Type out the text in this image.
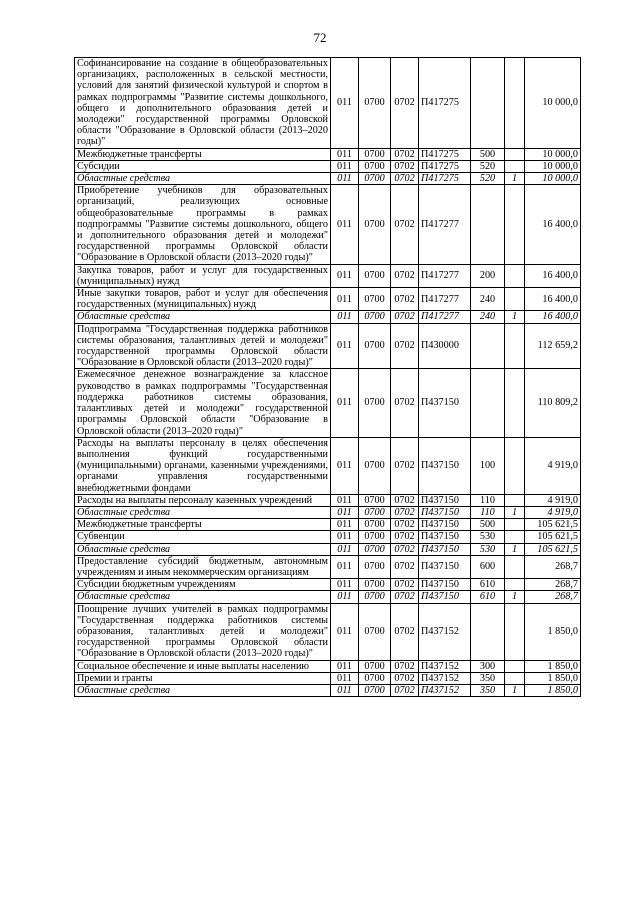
72
Софинансирование на создание в общеобразовательных организациях, расположенных в сельской местности, условий для занятий физической культурой и спортом в рамках подпрограммы "Развитие системы дошкольного, общего и дополнительного образования детей и молодежи" государственной программы Орловской области "Образование в Орловской области (2013–2020 годы)"	011	0700	0702	П417275			10 000,0
Межбюджетные трансферты	011	0700	0702	П417275	500		10 000,0
Субсидии	011	0700	0702	П417275	520		10 000,0
Областные средства	011	0700	0702	П417275	520	1	10 000,0
Приобретение учебников для образовательных организаций, реализующих основные общеобразовательные программы в рамках подпрограммы "Развитие системы дошкольного, общего и дополнительного образования детей и молодежи" государственной программы Орловской области "Образование в Орловской области (2013–2020 годы)"	011	0700	0702	П417277			16 400,0
Закупка товаров, работ и услуг для государственных (муниципальных) нужд	011	0700	0702	П417277	200		16 400,0
Иные закупки товаров, работ и услуг для обеспечения государственных (муниципальных) нужд	011	0700	0702	П417277	240		16 400,0
Областные средства	011	0700	0702	П417277	240	1	16 400,0
Подпрограмма "Государственная поддержка работников системы образования, талантливых детей и молодежи" государственной программы Орловской области "Образование в Орловской области (2013–2020 годы)"	011	0700	0702	П430000			112 659,2
Ежемесячное денежное вознаграждение за классное руководство в рамках подпрограммы "Государственная поддержка работников системы образования, талантливых детей и молодежи" государственной программы Орловской области "Образование в Орловской области (2013–2020 годы)"	011	0700	0702	П437150			110 809,2
Расходы на выплаты персоналу в целях обеспечения выполнения функций государственными (муниципальными) органами, казенными учреждениями, органами управления государственными внебюджетными фондами	011	0700	0702	П437150	100		4 919,0
Расходы на выплаты персоналу казенных учреждений	011	0700	0702	П437150	110		4 919,0
Областные средства	011	0700	0702	П437150	110	1	4 919,0
Межбюджетные трансферты	011	0700	0702	П437150	500		105 621,5
Субвенции	011	0700	0702	П437150	530		105 621,5
Областные средства	011	0700	0702	П437150	530	1	105 621,5
Предоставление субсидий бюджетным, автономным учреждениям и иным некоммерческим организациям	011	0700	0702	П437150	600		268,7
Субсидии бюджетным учреждениям	011	0700	0702	П437150	610		268,7
Областные средства	011	0700	0702	П437150	610	1	268,7
Поощрение лучших учителей в рамках подпрограммы "Государственная поддержка работников системы образования, талантливых детей и молодежи" государственной программы Орловской области "Образование в Орловской области (2013–2020 годы)"	011	0700	0702	П437152			1 850,0
Социальное обеспечение и иные выплаты населению	011	0700	0702	П437152	300		1 850,0
Премии и гранты	011	0700	0702	П437152	350		1 850,0
Областные средства	011	0700	0702	П437152	350	1	1 850,0
